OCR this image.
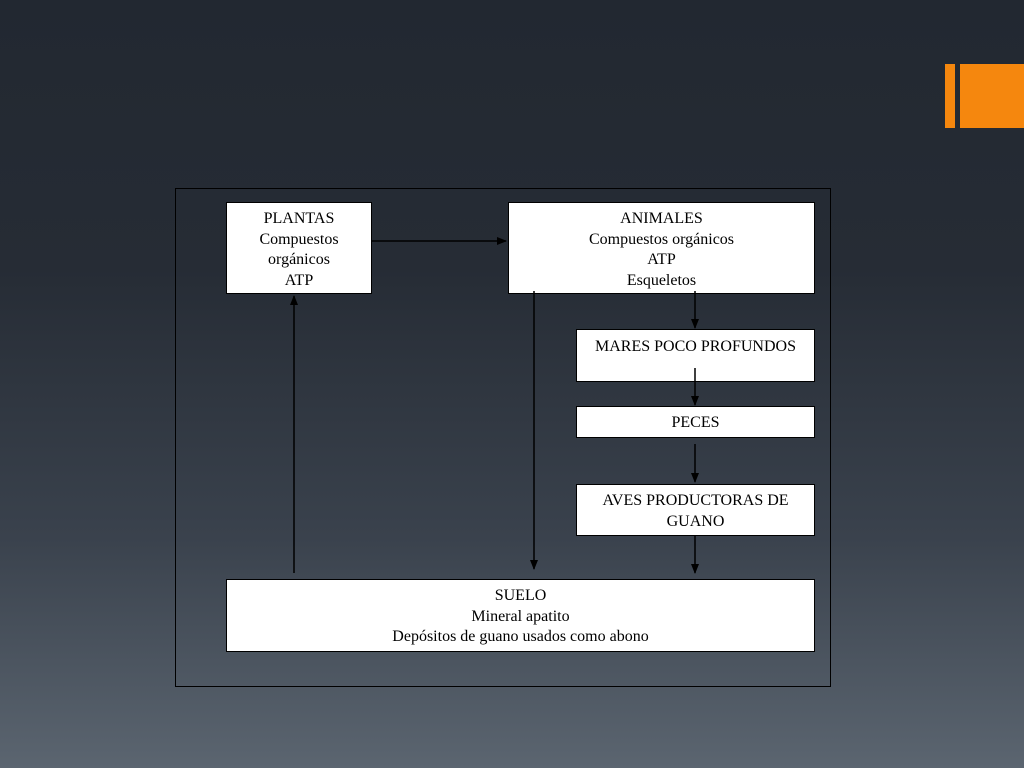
PLANTAS
Compuestos
orgánicos
ATP
ANIMALES
Compuestos orgánicos
ATP
Esqueletos
MARES POCO PROFUNDOS
PECES
AVES PRODUCTORAS DE
GUANO
SUELO
Mineral apatito
Depósitos de guano usados como abono
